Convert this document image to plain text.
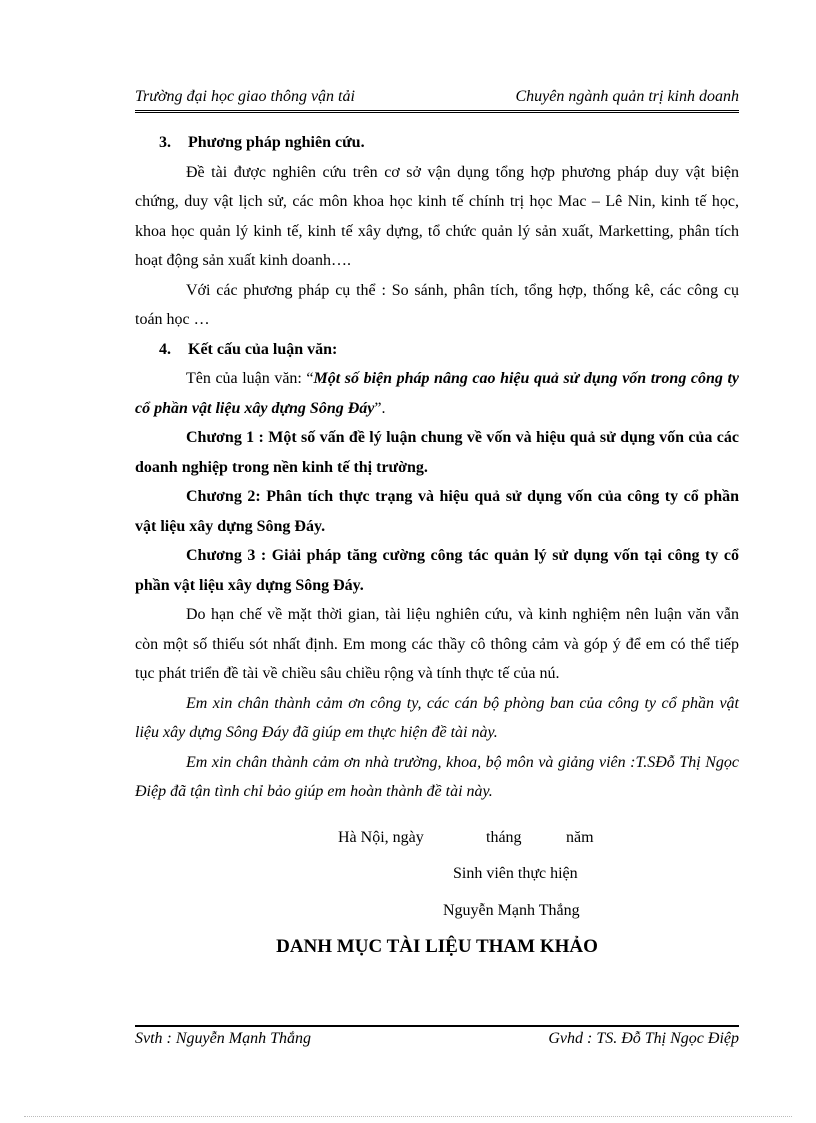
Trường đại học giao thông vận tải	Chuyên ngành quản trị kinh doanh

3. Phương pháp nghiên cứu.

Đề tài được nghiên cứu trên cơ sở vận dụng tổng hợp phương pháp duy vật biện chứng, duy vật lịch sử, các môn khoa học kinh tế chính trị học Mac – Lê Nin, kinh tế học, khoa học quản lý kinh tế, kinh tế xây dựng, tổ chức quản lý sản xuất, Marketting, phân tích hoạt động sản xuất kinh doanh….

Với các phương pháp cụ thể : So sánh, phân tích, tổng hợp, thống kê, các công cụ toán học …

4. Kết cấu của luận văn:

Tên của luận văn: “Một số biện pháp nâng cao hiệu quả sử dụng vốn trong công ty cổ phần vật liệu xây dựng Sông Đáy”.

Chương 1 : Một số vấn đề lý luận chung về vốn và hiệu quả sử dụng vốn của các doanh nghiệp trong nền kinh tế thị trường.

Chương 2: Phân tích thực trạng và hiệu quả sử dụng vốn của công ty cổ phần vật liệu xây dựng Sông Đáy.

Chương 3 : Giải pháp tăng cường công tác quản lý sử dụng vốn tại công ty cổ phần vật liệu xây dựng Sông Đáy.

Do hạn chế về mặt thời gian, tài liệu nghiên cứu, và kinh nghiệm nên luận văn vẫn còn một số thiếu sót nhất định. Em mong các thầy cô thông cảm và góp ý để em có thể tiếp tục phát triển đề tài về chiều sâu chiều rộng và tính thực tế của nú.

Em xin chân thành cảm ơn công ty, các cán bộ phòng ban của công ty cổ phần vật liệu xây dựng Sông Đáy đã giúp em thực hiện đề tài này.

Em xin chân thành cảm ơn nhà trường, khoa, bộ môn và giảng viên :T.SĐỗ Thị Ngọc Điệp đã tận tình chỉ bảo giúp em hoàn thành đề tài này.

Hà Nội, ngày	tháng	năm
Sinh viên thực hiện
Nguyễn Mạnh Thắng
DANH MỤC TÀI LIỆU THAM KHẢO
Svth : Nguyễn Mạnh Thắng	Gvhd : TS. Đỗ Thị Ngọc Điệp
